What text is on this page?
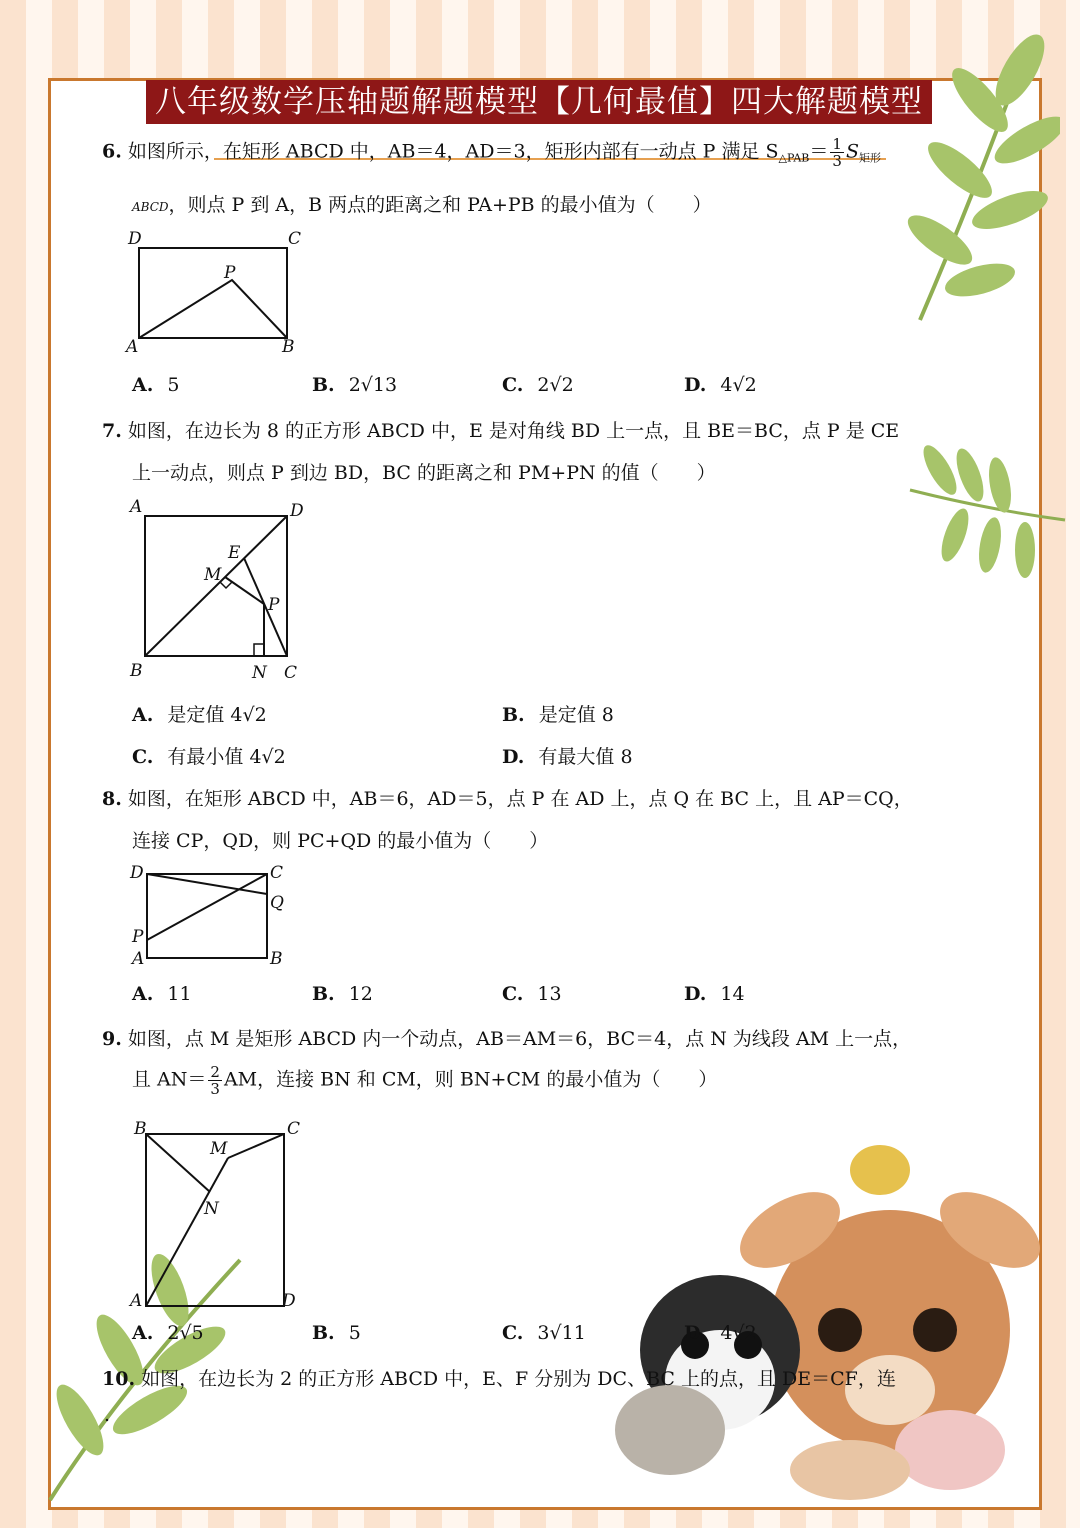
八年级数学压轴题解题模型【几何最值】四大解题模型
6. 如图所示，在矩形 ABCD 中，AB＝4，AD＝3，矩形内部有一动点 P 满足 $S_{\triangle PAB}= \frac{1}{3} S_{矩形}$
ABCD，则点 P 到 A，B 两点的距离之和 PA+PB 的最小值为（　　）
D	C
P
A	B
A. 5	B. 2√13	C. 2√2	D. 4√2
7. 如图，在边长为 8 的正方形 ABCD 中，E 是对角线 BD 上一点，且 BE＝BC，点 P 是 CE
上一动点，则点 P 到边 BD，BC 的距离之和 PM+PN 的值（　　）
A	D
E
M
P
B	N C
A. 是定值 4√2	B. 是定值 8
C. 有最小值 4√2	D. 有最大值 8
8. 如图，在矩形 ABCD 中，AB＝6，AD＝5，点 P 在 AD 上，点 Q 在 BC 上，且 AP＝CQ，
连接 CP，QD，则 PC+QD 的最小值为（　　）
D	C
Q
P
A	B
A. 11	B. 12	C. 13	D. 14
9. 如图，点 M 是矩形 ABCD 内一个动点，AB＝AM＝6，BC＝4，点 N 为线段 AM 上一点，
且 $AN= \frac{2}{3}$ AM，连接 BN 和 CM，则 BN+CM 的最小值为（　　）
B	C
M
N
A	D
A. 2√5	B. 5	C. 3√11	D. 4√2
10. 如图，在边长为 2 的正方形 ABCD 中，E、F 分别为 DC、BC 上的点，且 DE＝CF，连
.
